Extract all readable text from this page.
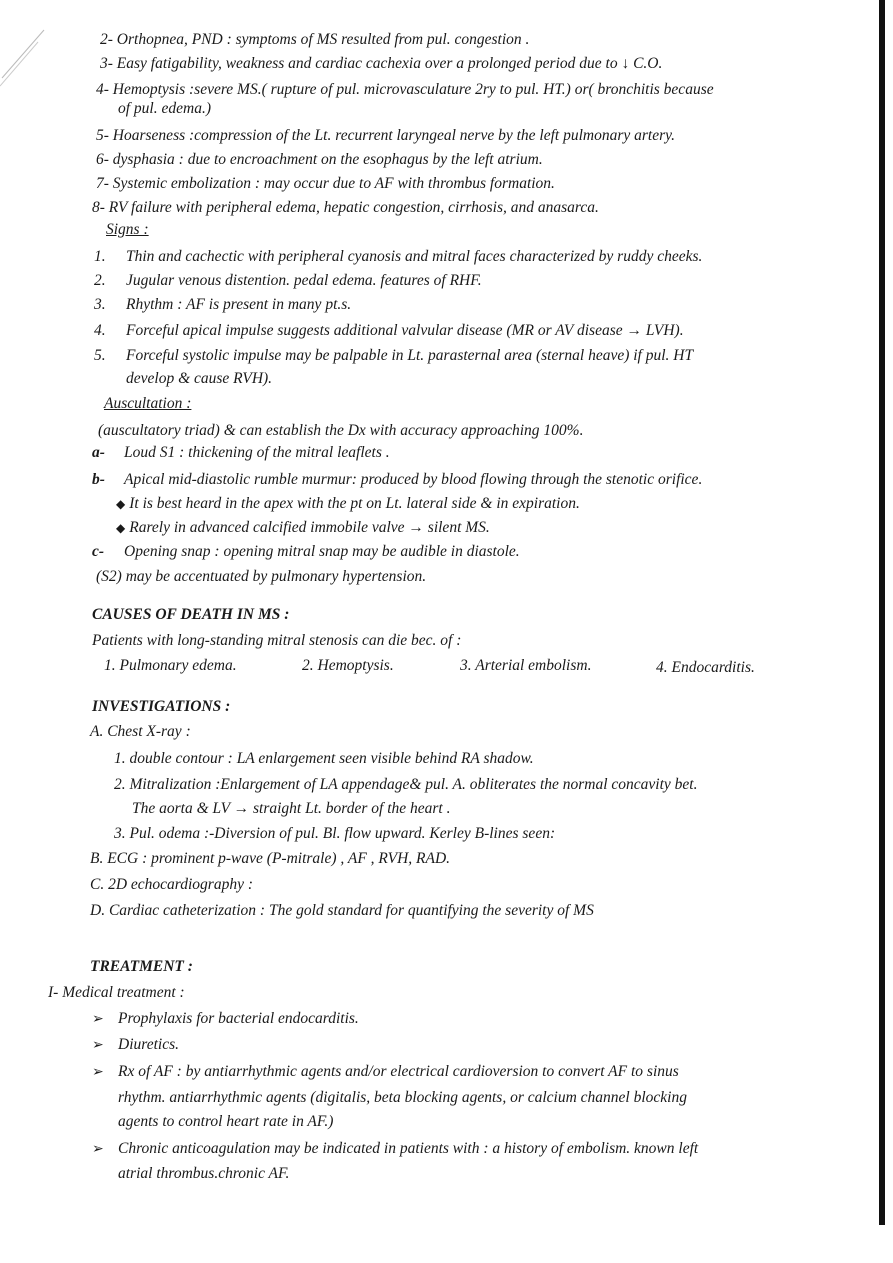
2- Orthopnea, PND : symptoms of MS resulted from pul. congestion .
3- Easy fatigability, weakness and cardiac cachexia over a prolonged period due to ↓ C.O.
4- Hemoptysis :severe MS.( rupture of pul. microvasculature 2ry to pul. HT.) or( bronchitis because
of pul. edema.)
5- Hoarseness :compression of the Lt. recurrent laryngeal nerve by the left pulmonary artery.
6- dysphasia : due to encroachment on the esophagus by the left atrium.
7- Systemic embolization : may occur due to AF with thrombus formation.
8- RV failure with peripheral edema, hepatic congestion, cirrhosis, and anasarca.
Signs :
1. Thin and cachectic with peripheral cyanosis and mitral faces characterized by ruddy cheeks.
2. Jugular venous distention. pedal edema. features of RHF.
3. Rhythm : AF is present in many pt.s.
4. Forceful apical impulse suggests additional valvular disease (MR or AV disease → LVH).
5. Forceful systolic impulse may be palpable in Lt. parasternal area (sternal heave) if pul. HT
develop & cause RVH).
Auscultation :
(auscultatory triad) & can establish the Dx with accuracy approaching 100%.
a- Loud S1 : thickening of the mitral leaflets .
b- Apical mid-diastolic rumble murmur: produced by blood flowing through the stenotic orifice.
◆ It is best heard in the apex with the pt on Lt. lateral side & in expiration.
◆ Rarely in advanced calcified immobile valve → silent MS.
c- Opening snap : opening mitral snap may be audible in diastole.
(S2) may be accentuated by pulmonary hypertension.
CAUSES OF DEATH IN MS :
Patients with long-standing mitral stenosis can die bec. of :
1. Pulmonary edema.	2. Hemoptysis.	3. Arterial embolism.	4. Endocarditis.
INVESTIGATIONS :
A. Chest X-ray :
1. double contour : LA enlargement seen visible behind RA shadow.
2. Mitralization :Enlargement of LA appendage& pul. A. obliterates the normal concavity bet.
The aorta & LV → straight Lt. border of the heart .
3. Pul. odema :-Diversion of pul. Bl. flow upward. Kerley B-lines seen:
B. ECG : prominent p-wave (P-mitrale) , AF , RVH, RAD.
C. 2D echocardiography :
D. Cardiac catheterization : The gold standard for quantifying the severity of MS
TREATMENT :
I- Medical treatment :
➢ Prophylaxis for bacterial endocarditis.
➢ Diuretics.
➢ Rx of AF : by antiarrhythmic agents and/or electrical cardioversion to convert AF to sinus
rhythm. antiarrhythmic agents (digitalis, beta blocking agents, or calcium channel blocking
agents to control heart rate in AF.)
➢ Chronic anticoagulation may be indicated in patients with : a history of embolism. known left
atrial thrombus.chronic AF.
